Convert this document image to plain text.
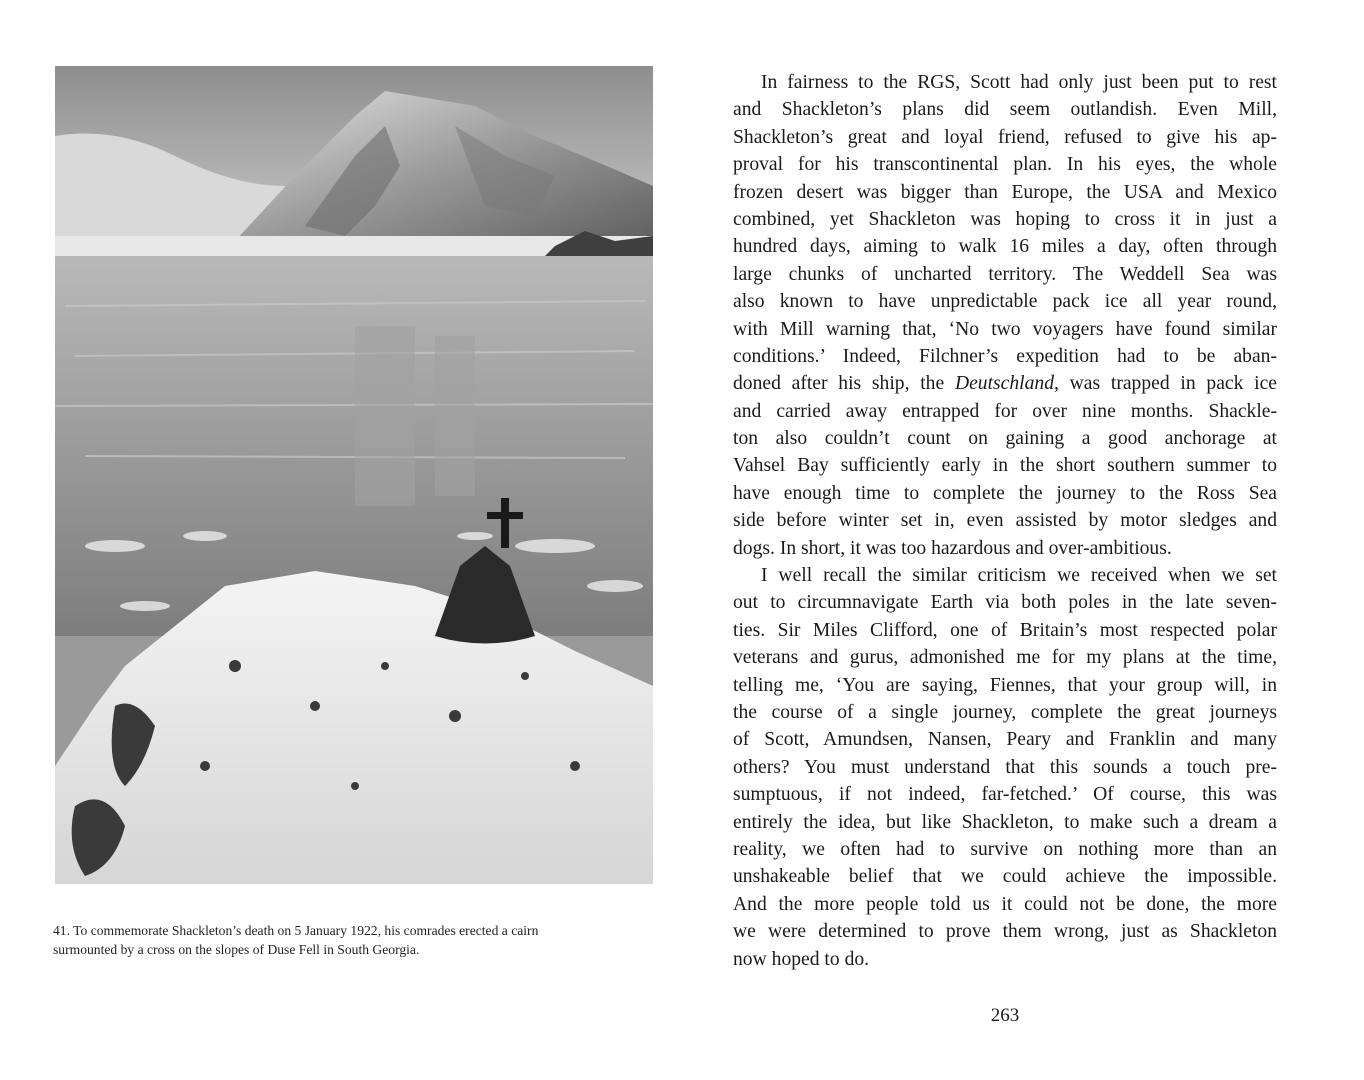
41. To commemorate Shackleton’s death on 5 January 1922, his comrades erected a cairn
surmounted by a cross on the slopes of Duse Fell in South Georgia.
In fairness to the RGS, Scott had only just been put to rest
and Shackleton’s plans did seem outlandish. Even Mill,
Shackleton’s great and loyal friend, refused to give his ap-
proval for his transcontinental plan. In his eyes, the whole
frozen desert was bigger than Europe, the USA and Mexico
combined, yet Shackleton was hoping to cross it in just a
hundred days, aiming to walk 16 miles a day, often through
large chunks of uncharted territory. The Weddell Sea was
also known to have unpredictable pack ice all year round,
with Mill warning that, ‘No two voyagers have found similar
conditions.’ Indeed, Filchner’s expedition had to be aban-
doned after his ship, the Deutschland, was trapped in pack ice
and carried away entrapped for over nine months. Shackle-
ton also couldn’t count on gaining a good anchorage at
Vahsel Bay sufficiently early in the short southern summer to
have enough time to complete the journey to the Ross Sea
side before winter set in, even assisted by motor sledges and
dogs. In short, it was too hazardous and over-ambitious.
I well recall the similar criticism we received when we set
out to circumnavigate Earth via both poles in the late seven-
ties. Sir Miles Clifford, one of Britain’s most respected polar
veterans and gurus, admonished me for my plans at the time,
telling me, ‘You are saying, Fiennes, that your group will, in
the course of a single journey, complete the great journeys
of Scott, Amundsen, Nansen, Peary and Franklin and many
others? You must understand that this sounds a touch pre-
sumptuous, if not indeed, far-fetched.’ Of course, this was
entirely the idea, but like Shackleton, to make such a dream a
reality, we often had to survive on nothing more than an
unshakeable belief that we could achieve the impossible.
And the more people told us it could not be done, the more
we were determined to prove them wrong, just as Shackleton
now hoped to do.
263
